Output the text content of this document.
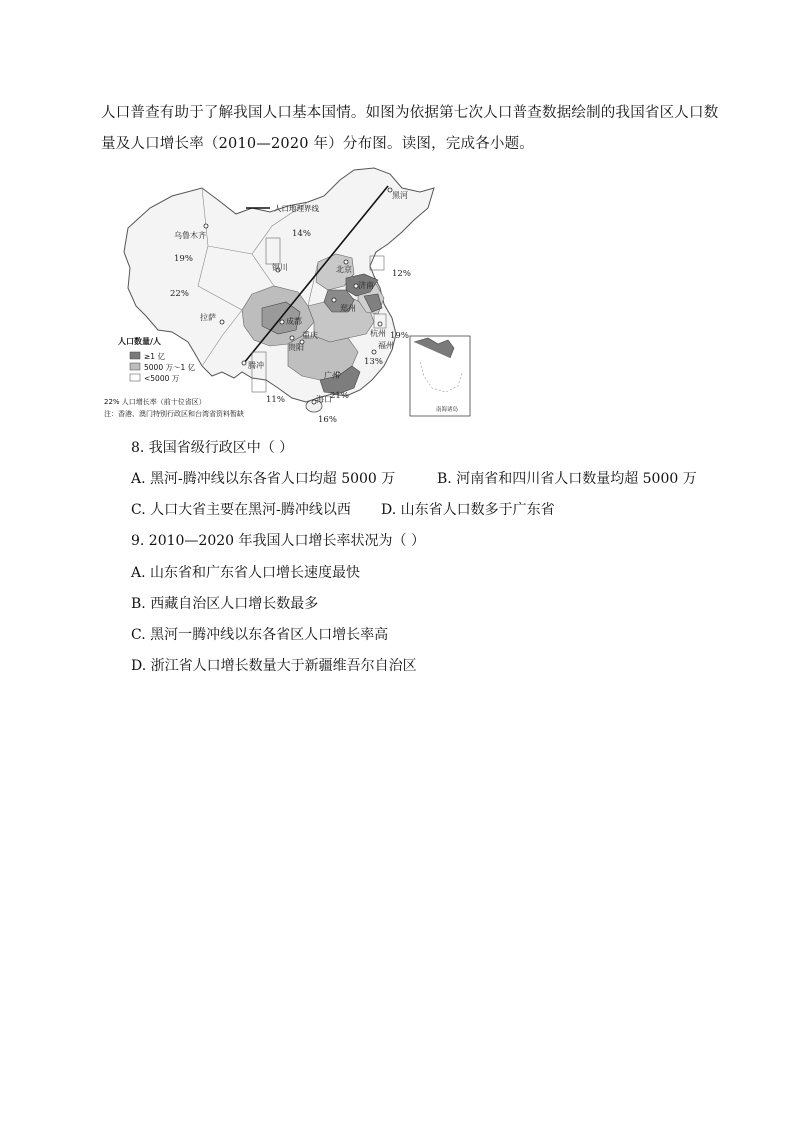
人口普查有助于了解我国人口基本国情。如图为依据第七次人口普查数据绘制的我国省区人口数
量及人口增长率（2010—2020 年）分布图。读图，完成各小题。
人口地理界线
黑河
乌鲁木齐
银川	北京
济南
郑州
成都
重庆
贵阳
拉萨
腾冲
杭州
福州
广州
海口
14%
19%
22%
12%
19%
13%
21%
16%
11%
南海诸岛
人口数量/人
≥1 亿
5000 万～1 亿
<5000 万
22% 人口增长率（前十位省区）
注：香港、澳门特别行政区和台湾省资料暂缺
8. 我国省级行政区中（ ）
A. 黑河-腾冲线以东各省人口均超 5000 万	B. 河南省和四川省人口数量均超 5000 万
C. 人口大省主要在黑河-腾冲线以西 D. 山东省人口数多于广东省
9. 2010—2020 年我国人口增长率状况为（ ）
A. 山东省和广东省人口增长速度最快
B. 西藏自治区人口增长数最多
C. 黑河一腾冲线以东各省区人口增长率高
D. 浙江省人口增长数量大于新疆维吾尔自治区
